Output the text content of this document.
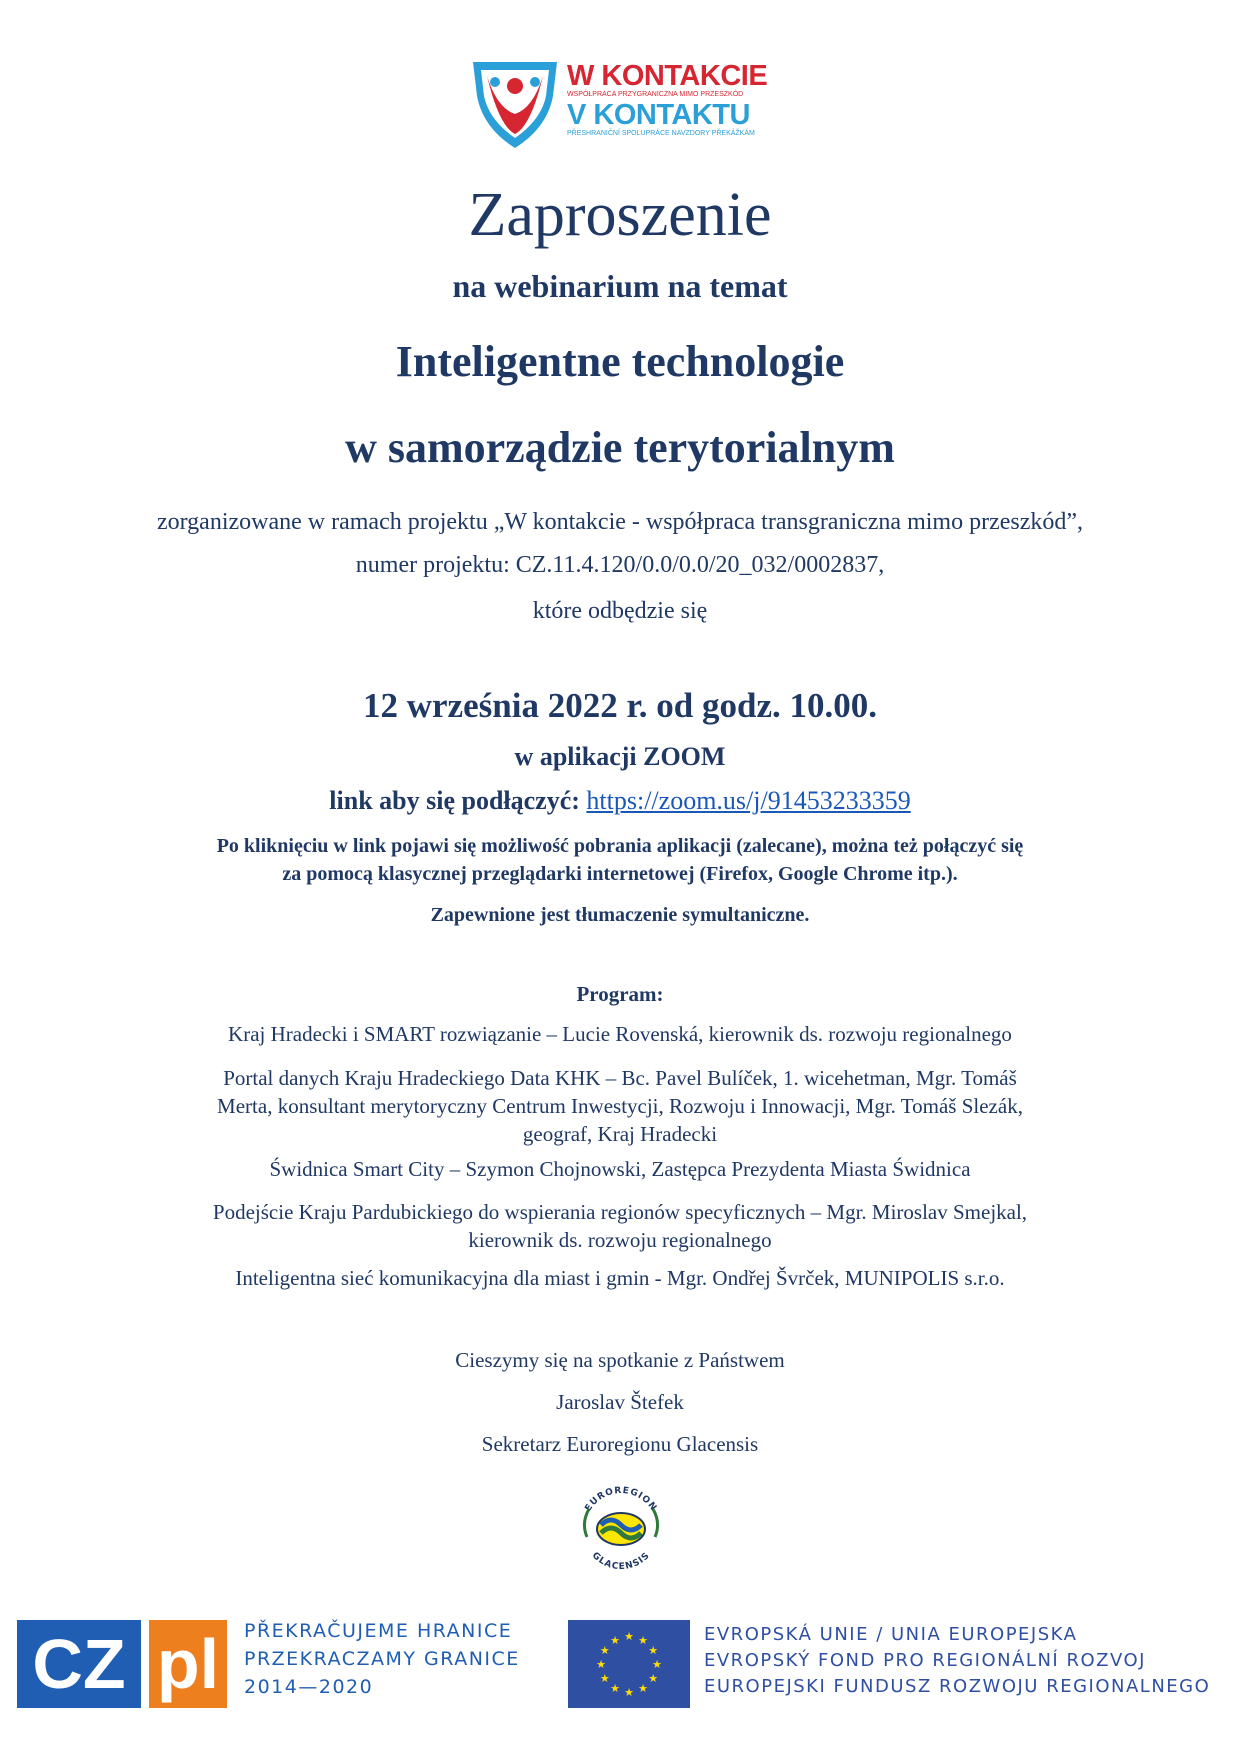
W KONTAKCIE
WSPÓŁPRACA PRZYGRANICZNA MIMO PRZESZKÓD
V KONTAKTU
PŘESHRANIČNÍ SPOLUPRÁCE NAVZDORY PŘEKÁŽKÁM
Zaproszenie
na webinarium na temat
Inteligentne technologie
w samorządzie terytorialnym
zorganizowane w ramach projektu „W kontakcie - współpraca transgraniczna mimo przeszkód”,
numer projektu: CZ.11.4.120/0.0/0.0/20_032/0002837,
które odbędzie się
12 września 2022 r. od godz. 10.00.
w aplikacji ZOOM
link aby się podłączyć: https://zoom.us/j/91453233359
Po kliknięciu w link pojawi się możliwość pobrania aplikacji (zalecane), można też połączyć się
za pomocą klasycznej przeglądarki internetowej (Firefox, Google Chrome itp.).
Zapewnione jest tłumaczenie symultaniczne.
Program:
Kraj Hradecki i SMART rozwiązanie – Lucie Rovenská, kierownik ds. rozwoju regionalnego
Portal danych Kraju Hradeckiego Data KHK – Bc. Pavel Bulíček, 1. wicehetman, Mgr. Tomáš
Merta, konsultant merytoryczny Centrum Inwestycji, Rozwoju i Innowacji, Mgr. Tomáš Slezák,
geograf, Kraj Hradecki
Świdnica Smart City – Szymon Chojnowski, Zastępca Prezydenta Miasta Świdnica
Podejście Kraju Pardubickiego do wspierania regionów specyficznych – Mgr. Miroslav Smejkal,
kierownik ds. rozwoju regionalnego
Inteligentna sieć komunikacyjna dla miast i gmin - Mgr. Ondřej Švrček, MUNIPOLIS s.r.o.
Cieszymy się na spotkanie z Państwem
Jaroslav Štefek
Sekretarz Euroregionu Glacensis
EUROREGION
GLACENSIS
CZ pl	PŘEKRAČUJEME HRANICE
PRZEKRACZAMY GRANICE
2014—2020
★ ★
★
★
★
★
★
★
★
★
★
★	EVROPSKÁ UNIE / UNIA EUROPEJSKA
EVROPSKÝ FOND PRO REGIONÁLNÍ ROZVOJ
EUROPEJSKI FUNDUSZ ROZWOJU REGIONALNEGO
